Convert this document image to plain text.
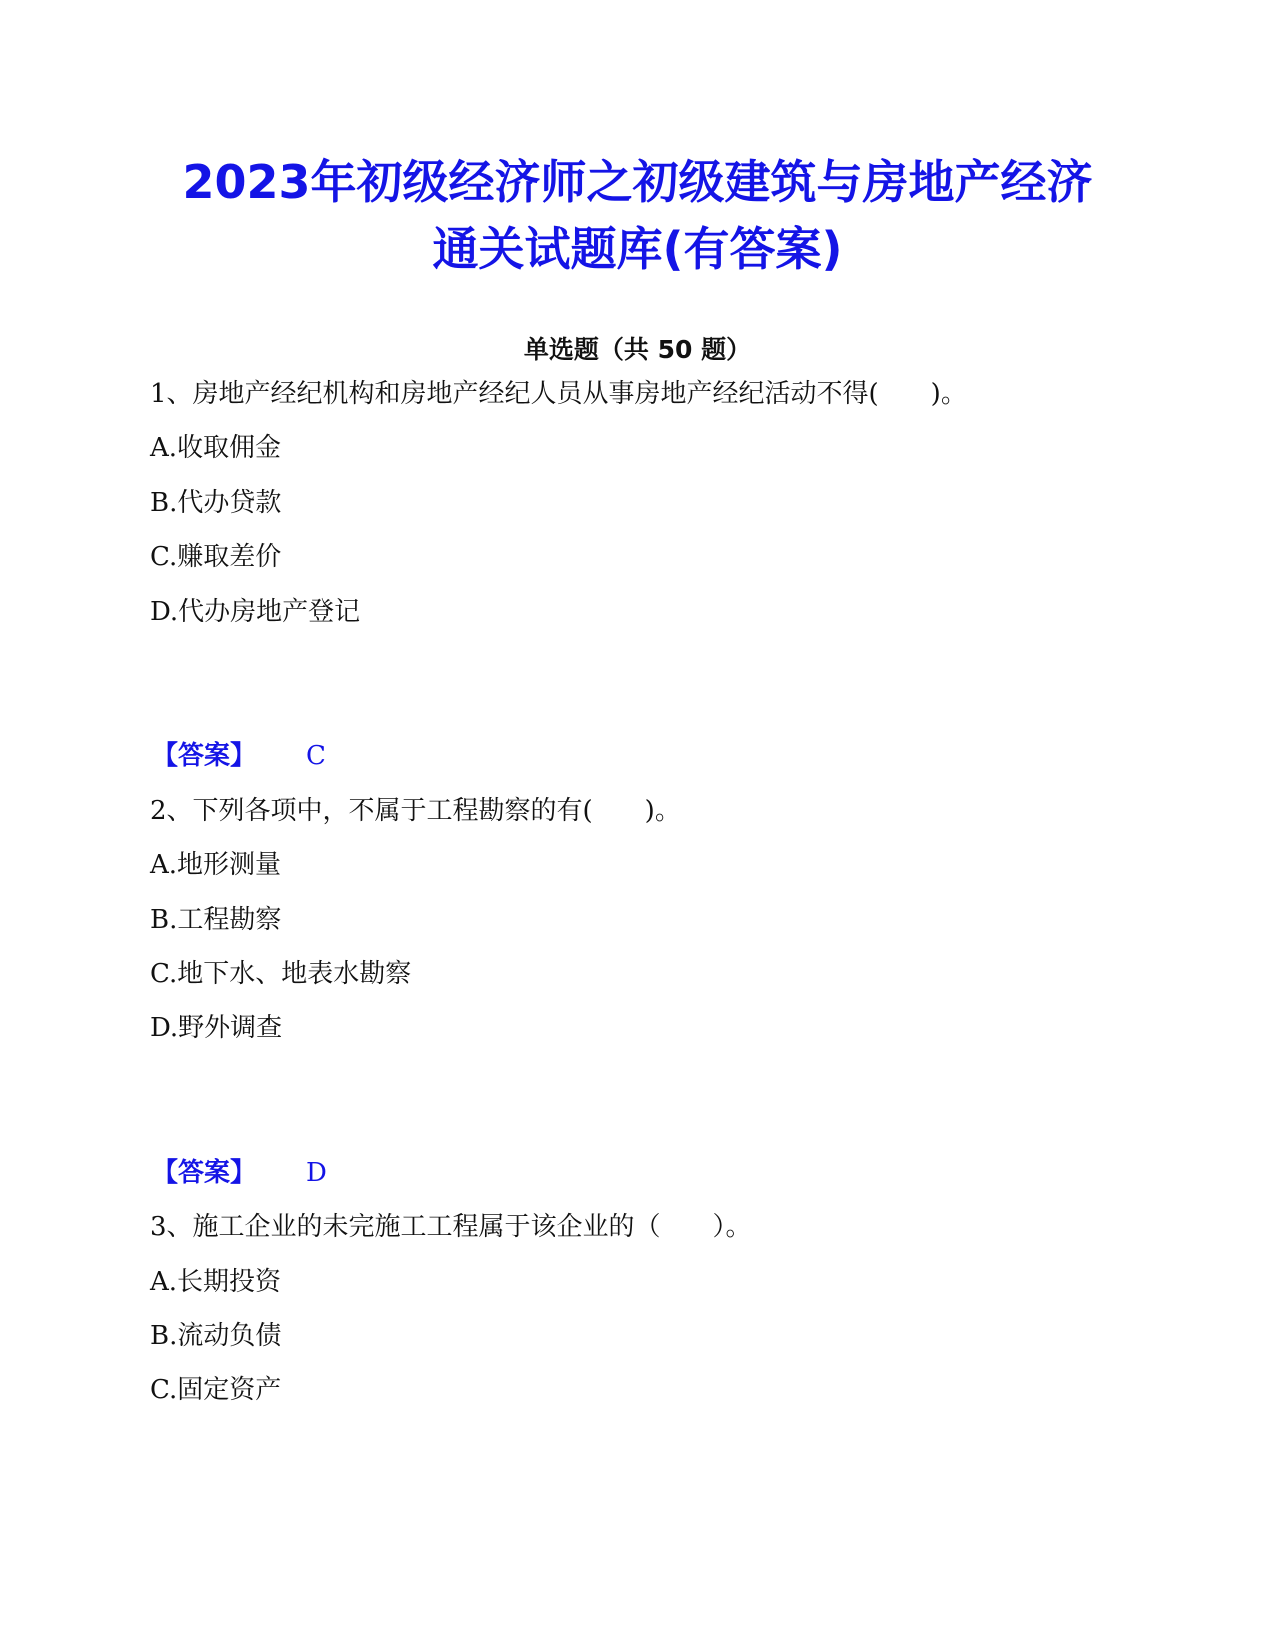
2023年初级经济师之初级建筑与房地产经济
通关试题库(有答案)
单选题（共 50 题）
1、房地产经纪机构和房地产经纪人员从事房地产经纪活动不得(　　)。
A.收取佣金
B.代办贷款
C.赚取差价
D.代办房地产登记
【答案】 C
2、下列各项中，不属于工程勘察的有(　　)。
A.地形测量
B.工程勘察
C.地下水、地表水勘察
D.野外调查
【答案】 D
3、施工企业的未完施工工程属于该企业的（　　）。
A.长期投资
B.流动负债
C.固定资产
